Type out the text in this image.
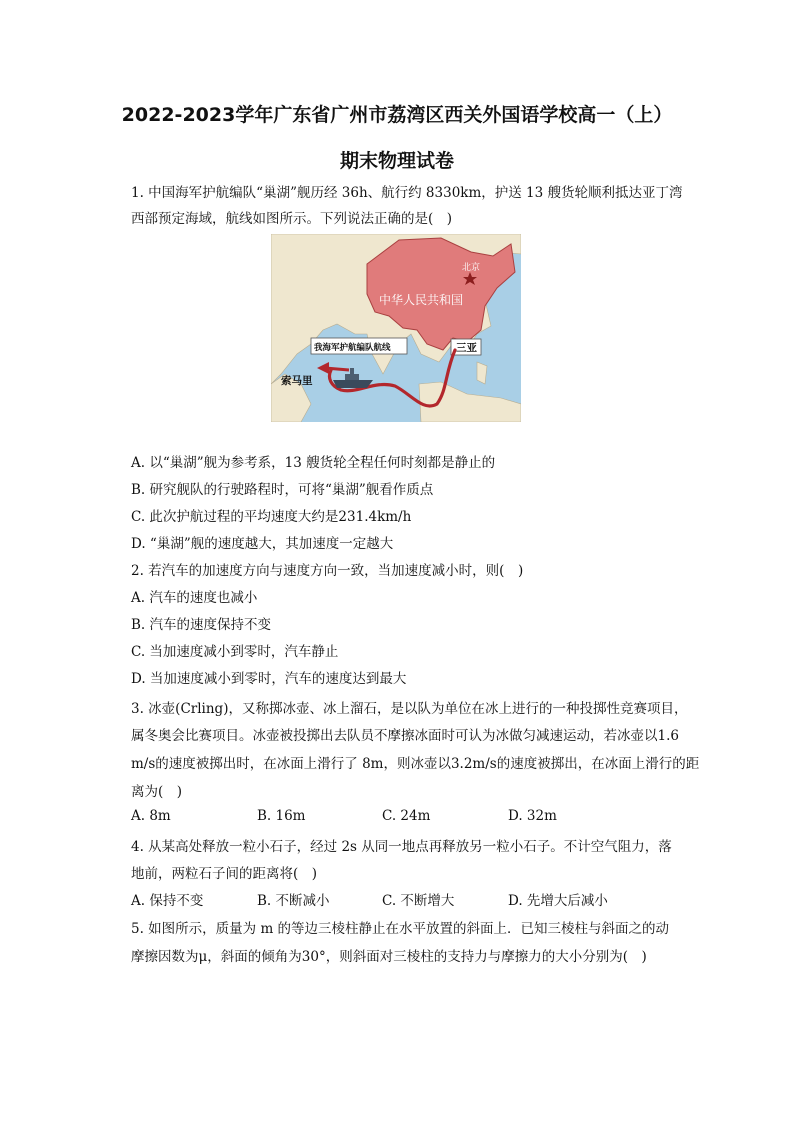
2022-2023学年广东省广州市荔湾区西关外国语学校高一（上）
期末物理试卷
1. 中国海军护航编队“巢湖”舰历经 36h、航行约 8330km，护送 13 艘货轮顺利抵达亚丁湾
西部预定海域，航线如图所示。下列说法正确的是(　)
北京
中华人民共和国
三亚
我海军护航编队航线
索马里
A. 以“巢湖”舰为参考系，13 艘货轮全程任何时刻都是静止的
B. 研究舰队的行驶路程时，可将“巢湖”舰看作质点
C. 此次护航过程的平均速度大约是231.4km/h
D. “巢湖”舰的速度越大，其加速度一定越大
2. 若汽车的加速度方向与速度方向一致，当加速度减小时，则(　)
A. 汽车的速度也减小
B. 汽车的速度保持不变
C. 当加速度减小到零时，汽车静止
D. 当加速度减小到零时，汽车的速度达到最大
3. 冰壶(Crling)，又称掷冰壶、冰上溜石，是以队为单位在冰上进行的一种投掷性竞赛项目，
属冬奥会比赛项目。冰壶被投掷出去队员不摩擦冰面时可认为冰做匀减速运动，若冰壶以1.6
m/s的速度被掷出时，在冰面上滑行了 8m，则冰壶以3.2m/s的速度被掷出，在冰面上滑行的距
离为(　)
A. 8m	B. 16m	C. 24m	D. 32m
4. 从某高处释放一粒小石子，经过 2s 从同一地点再释放另一粒小石子。不计空气阻力，落
地前，两粒石子间的距离将(　)
A. 保持不变	B. 不断减小	C. 不断增大	D. 先增大后减小
5. 如图所示，质量为 m 的等边三棱柱静止在水平放置的斜面上．已知三棱柱与斜面之的动
摩擦因数为μ，斜面的倾角为30°，则斜面对三棱柱的支持力与摩擦力的大小分别为(　)
